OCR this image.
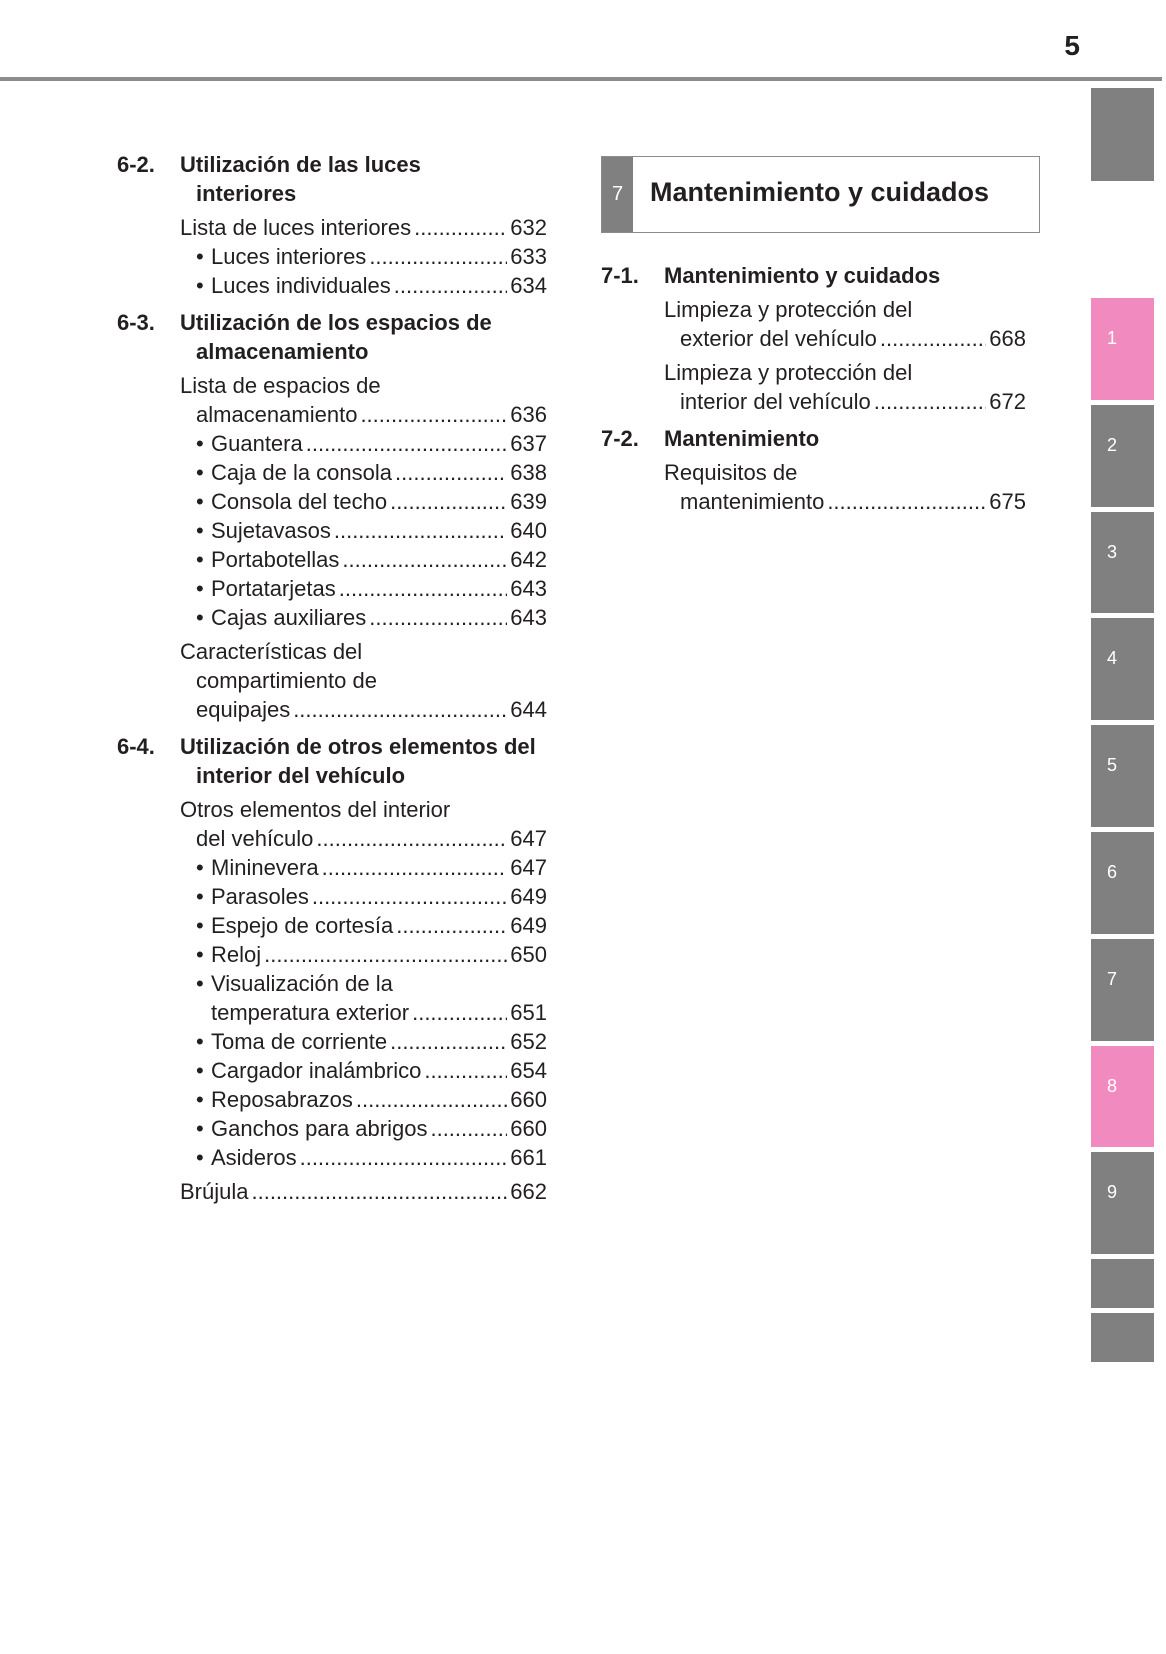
5
6-2. Utilización de las luces
interiores
Lista de luces interiores .....	632
• Luces interiores .....	633
• Luces individuales .....	634
6-3. Utilización de los espacios de
almacenamiento
Lista de espacios de
almacenamiento .....	636
• Guantera .....	637
• Caja de la consola .....	638
• Consola del techo .....	639
• Sujetavasos .....	640
• Portabotellas .....	642
• Portatarjetas .....	643
• Cajas auxiliares .....	643
Características del
compartimiento de
equipajes .....	644
6-4. Utilización de otros elementos del
interior del vehículo
Otros elementos del interior
del vehículo .....	647
• Mininevera .....	647
• Parasoles .....	649
• Espejo de cortesía .....	649
• Reloj .....	650
• Visualización de la
temperatura exterior .....	651
• Toma de corriente .....	652
• Cargador inalámbrico .....	654
• Reposabrazos .....	660
• Ganchos para abrigos .....	660
• Asideros .....	661
Brújula .....	662
7 Mantenimiento y cuidados
7-1. Mantenimiento y cuidados
Limpieza y protección del
exterior del vehículo .....	668
Limpieza y protección del
interior del vehículo .....	672
7-2. Mantenimiento
Requisitos de
mantenimiento .....	675
1
2
3
4
5
6
7
8
9
